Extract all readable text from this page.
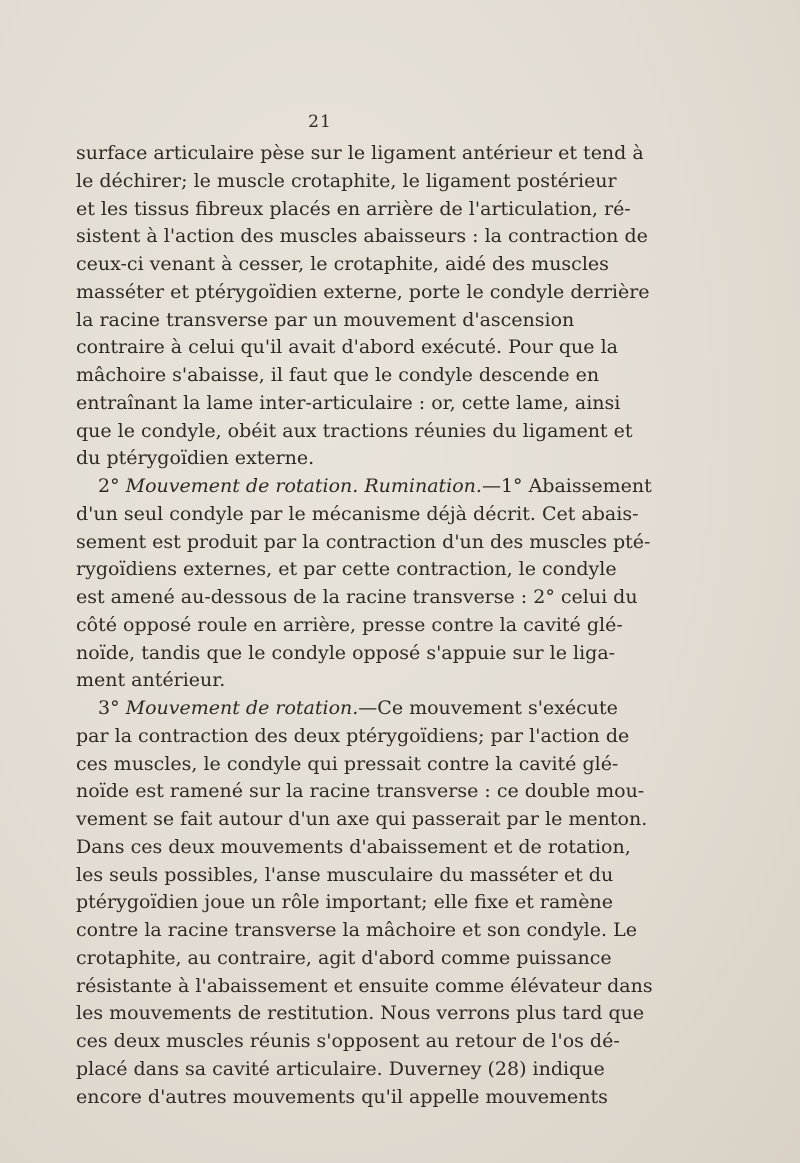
21
surface articulaire pèse sur le ligament antérieur et tend à
le déchirer; le muscle crotaphite, le ligament postérieur
et les tissus fibreux placés en arrière de l'articulation, ré-
sistent à l'action des muscles abaisseurs : la contraction de
ceux-ci venant à cesser, le crotaphite, aidé des muscles
masséter et ptérygoïdien externe, porte le condyle derrière
la racine transverse par un mouvement d'ascension
contraire à celui qu'il avait d'abord exécuté. Pour que la
mâchoire s'abaisse, il faut que le condyle descende en
entraînant la lame inter-articulaire : or, cette lame, ainsi
que le condyle, obéit aux tractions réunies du ligament et
du ptérygoïdien externe.
2° Mouvement de rotation. Rumination.—1° Abaissement
d'un seul condyle par le mécanisme déjà décrit. Cet abais-
sement est produit par la contraction d'un des muscles pté-
rygoïdiens externes, et par cette contraction, le condyle
est amené au-dessous de la racine transverse : 2° celui du
côté opposé roule en arrière, presse contre la cavité glé-
noïde, tandis que le condyle opposé s'appuie sur le liga-
ment antérieur.
3° Mouvement de rotation.—Ce mouvement s'exécute
par la contraction des deux ptérygoïdiens; par l'action de
ces muscles, le condyle qui pressait contre la cavité glé-
noïde est ramené sur la racine transverse : ce double mou-
vement se fait autour d'un axe qui passerait par le menton.
Dans ces deux mouvements d'abaissement et de rotation,
les seuls possibles, l'anse musculaire du masséter et du
ptérygoïdien joue un rôle important; elle fixe et ramène
contre la racine transverse la mâchoire et son condyle. Le
crotaphite, au contraire, agit d'abord comme puissance
résistante à l'abaissement et ensuite comme élévateur dans
les mouvements de restitution. Nous verrons plus tard que
ces deux muscles réunis s'opposent au retour de l'os dé-
placé dans sa cavité articulaire. Duverney (28) indique
encore d'autres mouvements qu'il appelle mouvements
